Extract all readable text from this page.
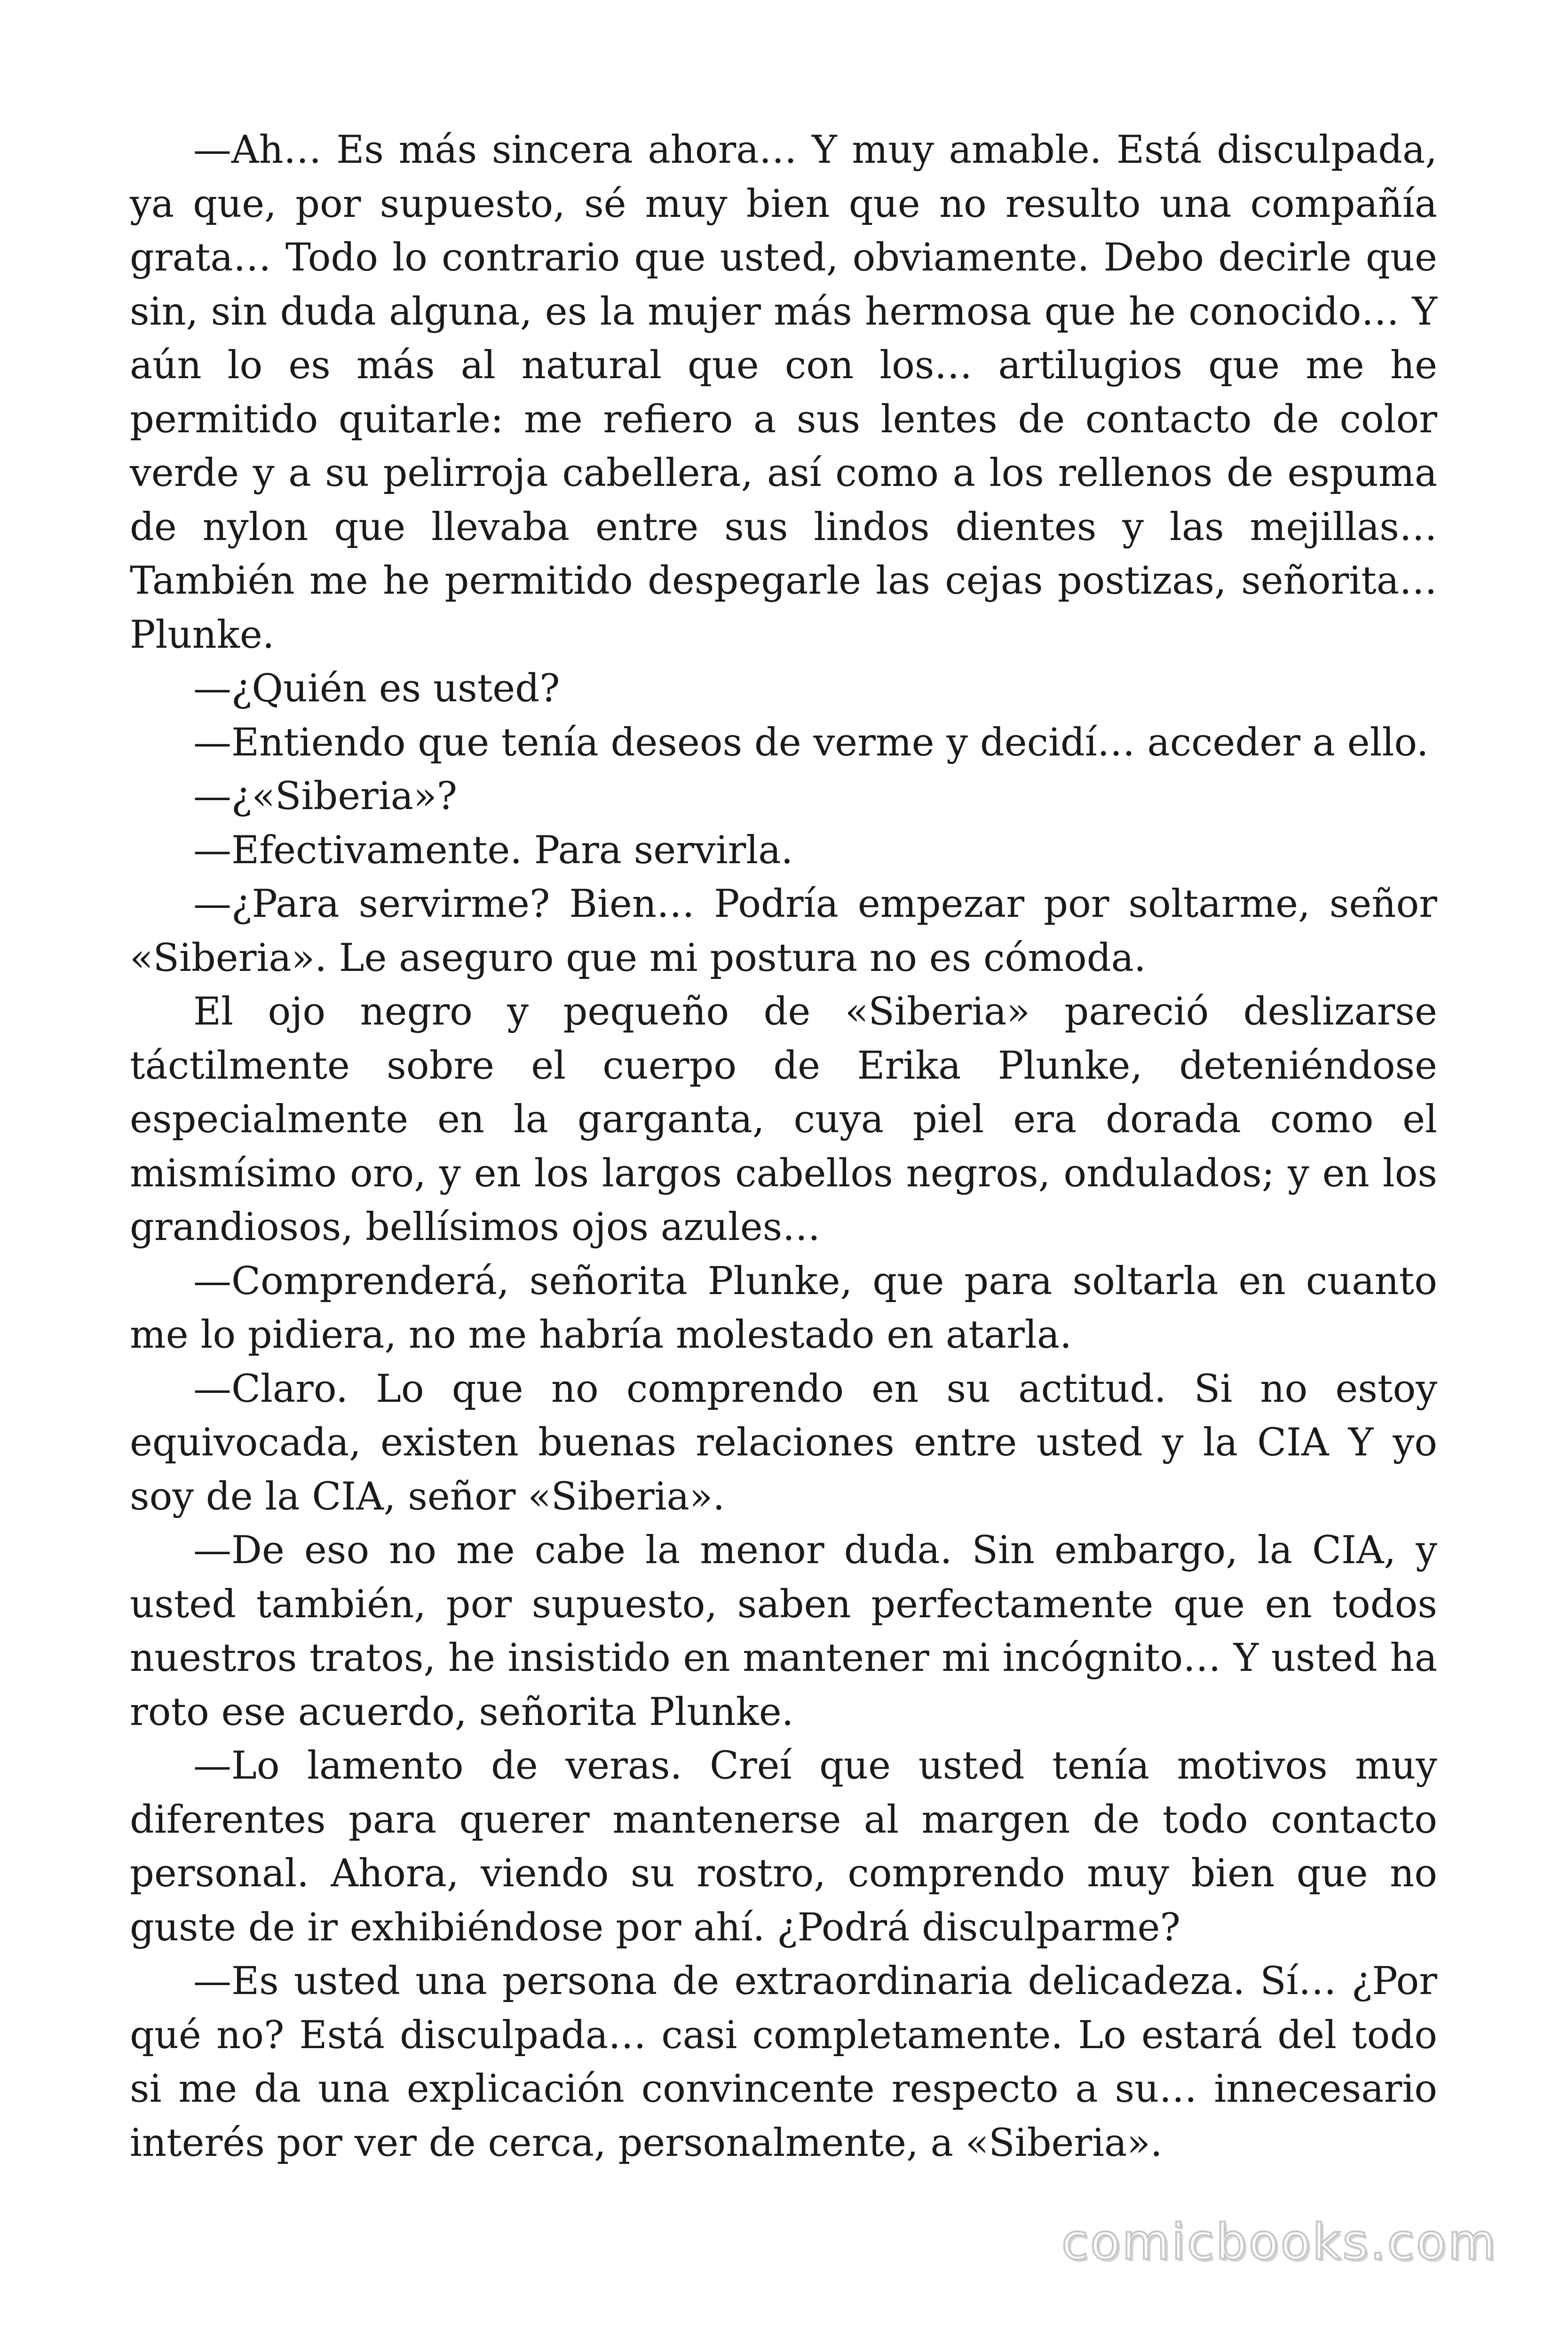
—Ah… Es más sincera ahora… Y muy amable. Está disculpada, ya que, por supuesto, sé muy bien que no resulto una compañía grata… Todo lo contrario que usted, obviamente. Debo decirle que sin, sin duda alguna, es la mujer más hermosa que he conocido… Y aún lo es más al natural que con los… artilugios que me he permitido quitarle: me refiero a sus lentes de contacto de color verde y a su pelirroja cabellera, así como a los rellenos de espuma de nylon que llevaba entre sus lindos dientes y las mejillas… También me he permitido despegarle las cejas postizas, señorita… Plunke.

—¿Quién es usted?

—Entiendo que tenía deseos de verme y decidí… acceder a ello.

—¿«Siberia»?

—Efectivamente. Para servirla.

—¿Para servirme? Bien… Podría empezar por soltarme, señor «Siberia». Le aseguro que mi postura no es cómoda.

El ojo negro y pequeño de «Siberia» pareció deslizarse táctilmente sobre el cuerpo de Erika Plunke, deteniéndose especialmente en la garganta, cuya piel era dorada como el mismísimo oro, y en los largos cabellos negros, ondulados; y en los grandiosos, bellísimos ojos azules…

—Comprenderá, señorita Plunke, que para soltarla en cuanto me lo pidiera, no me habría molestado en atarla.

—Claro. Lo que no comprendo en su actitud. Si no estoy equivocada, existen buenas relaciones entre usted y la CIA Y yo soy de la CIA, señor «Siberia».

—De eso no me cabe la menor duda. Sin embargo, la CIA, y usted también, por supuesto, saben perfectamente que en todos nuestros tratos, he insistido en mantener mi incógnito… Y usted ha roto ese acuerdo, señorita Plunke.

—Lo lamento de veras. Creí que usted tenía motivos muy diferentes para querer mantenerse al margen de todo contacto personal. Ahora, viendo su rostro, comprendo muy bien que no guste de ir exhibiéndose por ahí. ¿Podrá disculparme?

—Es usted una persona de extraordinaria delicadeza. Sí… ¿Por qué no? Está disculpada… casi completamente. Lo estará del todo si me da una explicación convincente respecto a su… innecesario interés por ver de cerca, personalmente, a «Siberia».

comicbooks.com
